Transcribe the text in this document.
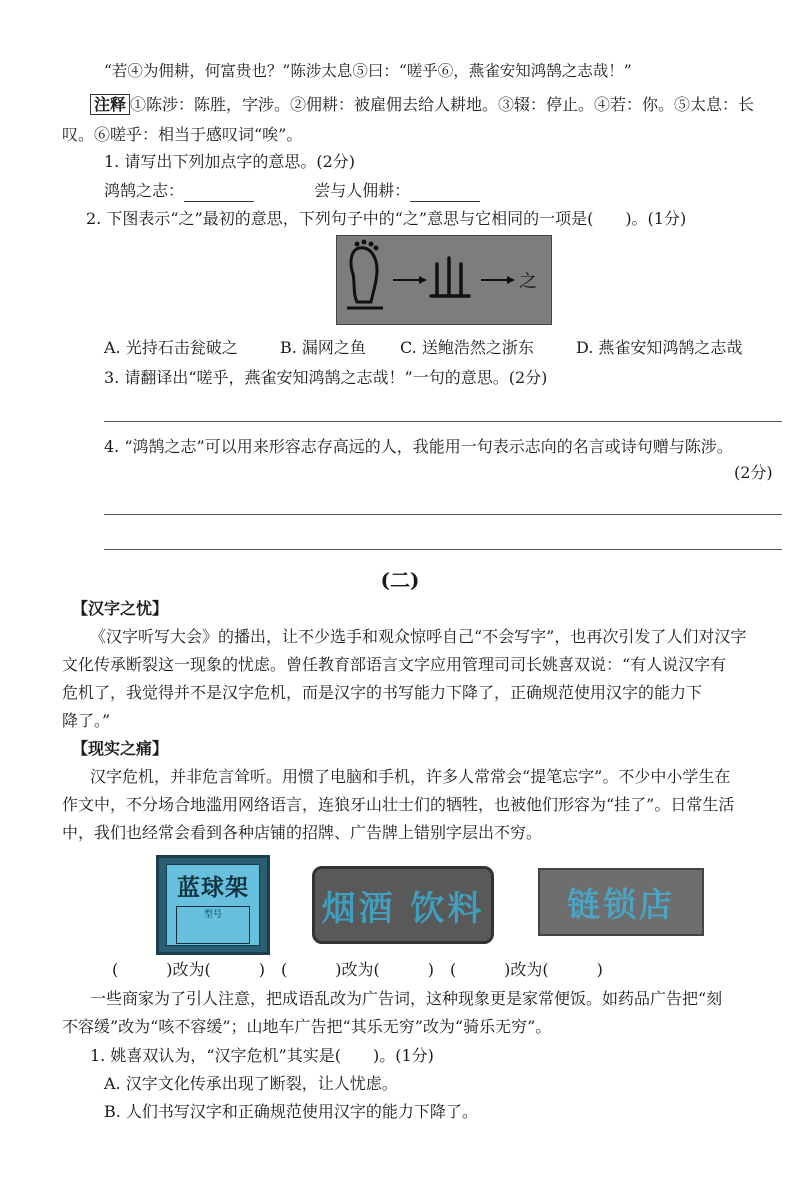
“若④为佣耕，何富贵也？”陈涉太息⑤曰：“嗟乎⑥，燕雀安知鸿鹄之志哉！”
注释 ①陈涉：陈胜，字涉。②佣耕：被雇佣去给人耕地。③辍：停止。④若：你。⑤太息：长
叹。⑥嗟乎：相当于感叹词“唉”。
1. 请写出下列加点字的意思。(2分)
鸿鹄之志：	尝与人佣耕：
2. 下图表示“之”最初的意思，下列句子中的“之”意思与它相同的一项是(　　)。(1分)
之
A. 光持石击瓮破之	B. 漏网之鱼 C. 送鲍浩然之浙东	D. 燕雀安知鸿鹄之志哉
3. 请翻译出“嗟乎，燕雀安知鸿鹄之志哉！”一句的意思。(2分)
4. “鸿鹄之志”可以用来形容志存高远的人，我能用一句表示志向的名言或诗句赠与陈涉。
(2分)
(二)
【汉字之忧】
《汉字听写大会》的播出，让不少选手和观众惊呼自己“不会写字”，也再次引发了人们对汉字
文化传承断裂这一现象的忧虑。曾任教育部语言文字应用管理司司长姚喜双说：“有人说汉字有
危机了，我觉得并不是汉字危机，而是汉字的书写能力下降了，正确规范使用汉字的能力下
降了。”
【现实之痛】
汉字危机，并非危言耸听。用惯了电脑和手机，许多人常常会“提笔忘字”。不少中小学生在
作文中，不分场合地滥用网络语言，连狼牙山壮士们的牺牲，也被他们形容为“挂了”。日常生活
中，我们也经常会看到各种店铺的招牌、广告牌上错别字层出不穷。
蓝球架
型号	烟酒 饮料	链锁店
(　　　)改为(　　　)　(　　　)改为(　　　)　(　　　)改为(　　　)
一些商家为了引人注意，把成语乱改为广告词，这种现象更是家常便饭。如药品广告把“刻
不容缓”改为“咳不容缓”；山地车广告把“其乐无穷”改为“骑乐无穷”。
1. 姚喜双认为，“汉字危机”其实是(　　)。(1分)
A. 汉字文化传承出现了断裂，让人忧虑。
B. 人们书写汉字和正确规范使用汉字的能力下降了。
